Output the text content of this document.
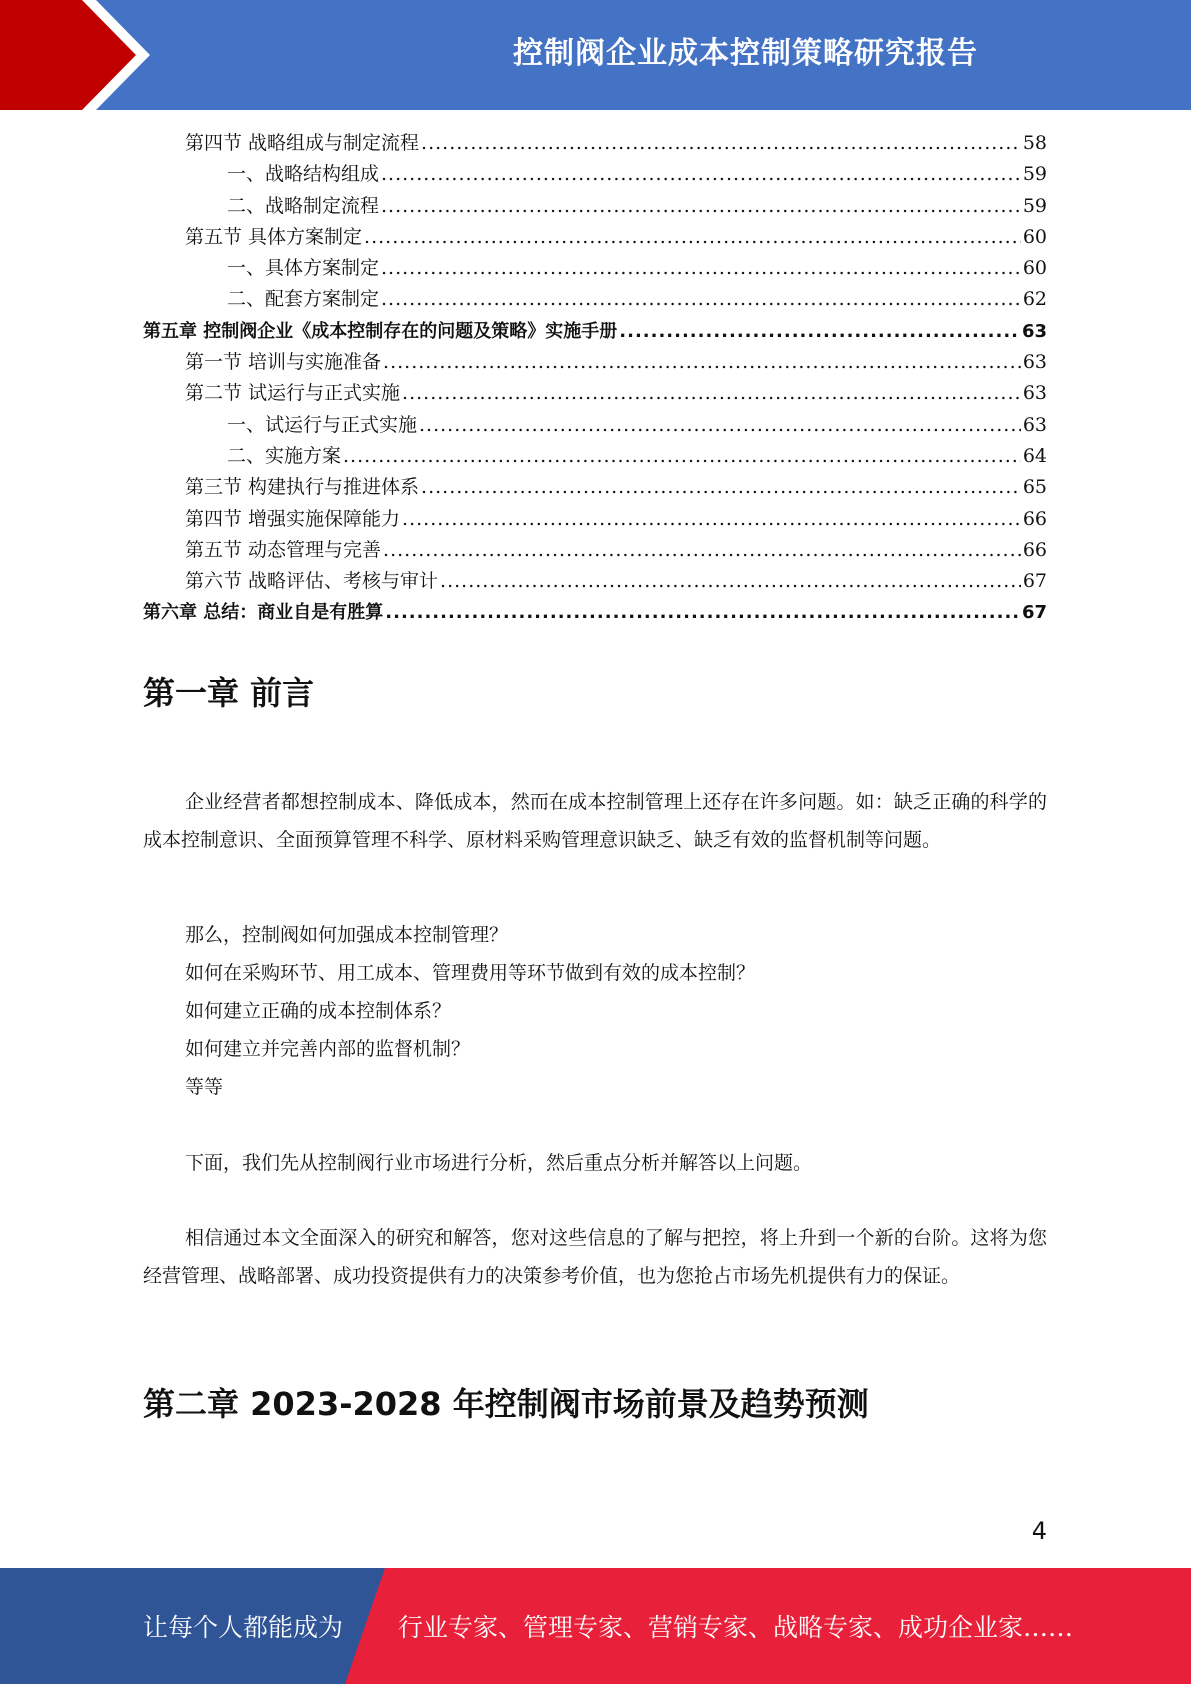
控制阀企业成本控制策略研究报告
第四节 战略组成与制定流程 .....	58
一、战略结构组成 .....	59
二、战略制定流程 .....	59
第五节 具体方案制定 .....	60
一、具体方案制定 .....	60
二、配套方案制定 .....	62
第五章 控制阀企业《成本控制存在的问题及策略》实施手册 .....	63
第一节 培训与实施准备 .....	63
第二节 试运行与正式实施 .....	63
一、试运行与正式实施 .....	63
二、实施方案 .....	64
第三节 构建执行与推进体系 .....	65
第四节 增强实施保障能力 .....	66
第五节 动态管理与完善 .....	66
第六节 战略评估、考核与审计 .....	67
第六章 总结：商业自是有胜算 .....	67
第一章 前言

企业经营者都想控制成本、降低成本，然而在成本控制管理上还存在许多问题。如：缺乏正确的科学的成本控制意识、全面预算管理不科学、原材料采购管理意识缺乏、缺乏有效的监督机制等问题。

那么，控制阀如何加强成本控制管理？
如何在采购环节、用工成本、管理费用等环节做到有效的成本控制？
如何建立正确的成本控制体系？
如何建立并完善内部的监督机制？
等等

下面，我们先从控制阀行业市场进行分析，然后重点分析并解答以上问题。

相信通过本文全面深入的研究和解答，您对这些信息的了解与把控，将上升到一个新的台阶。这将为您经营管理、战略部署、成功投资提供有力的决策参考价值，也为您抢占市场先机提供有力的保证。

第二章 2023-2028 年控制阀市场前景及趋势预测
4
让每个人都能成为 行业专家、管理专家、营销专家、战略专家、成功企业家……
